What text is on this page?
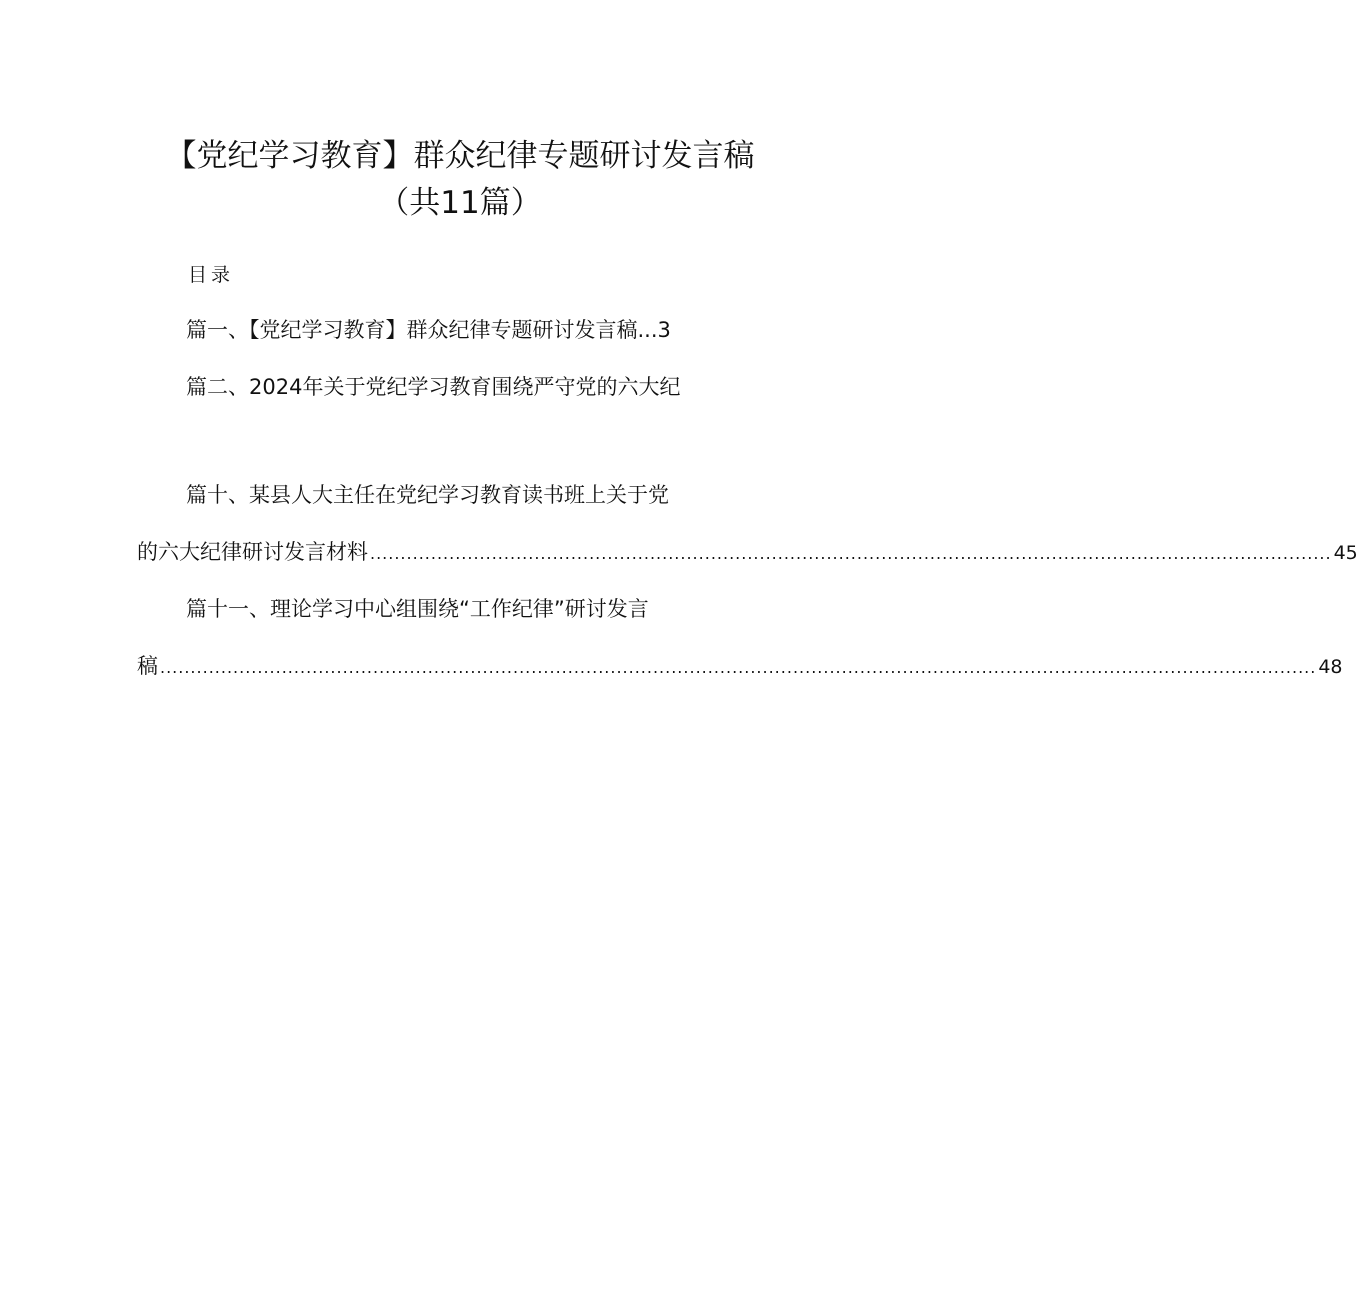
【党纪学习教育】群众纪律专题研讨发言稿
（共11篇）
目录
篇一、【党纪学习教育】群众纪律专题研讨发言稿...3
篇二、2024年关于党纪学习教育围绕严守党的六大纪
篇十、某县人大主任在党纪学习教育读书班上关于党
的六大纪律研讨发言材料 .............................................................................................................................................................. 45
篇十一、理论学习中心组围绕“工作纪律”研讨发言
稿 .............................................................................................................................................................................................. 48
